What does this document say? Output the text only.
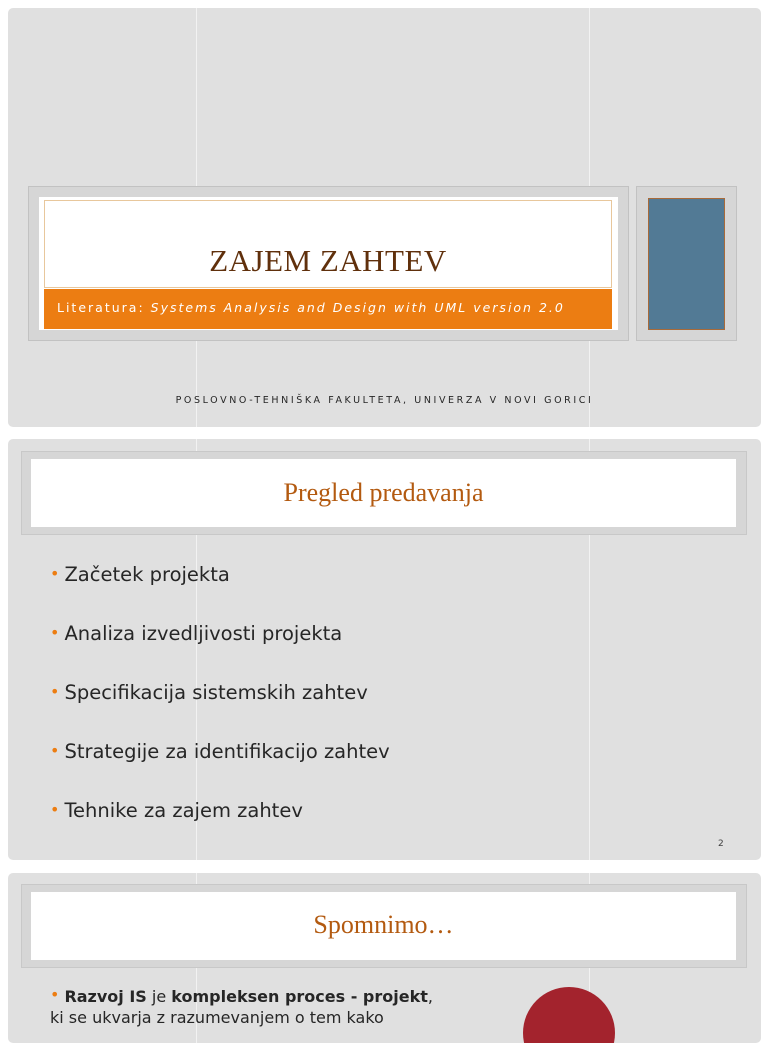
ZAJEM ZAHTEV
Literatura: Systems Analysis and Design with UML version 2.0
POSLOVNO-TEHNIŠKA FAKULTETA, UNIVERZA V NOVI GORICI
Pregled predavanja
• Začetek projekta
• Analiza izvedljivosti projekta
• Specifikacija sistemskih zahtev
• Strategije za identifikacijo zahtev
• Tehnike za zajem zahtev
2
Spomnimo…
• Razvoj IS je kompleksen proces - projekt,
ki se ukvarja z razumevanjem o tem kako
